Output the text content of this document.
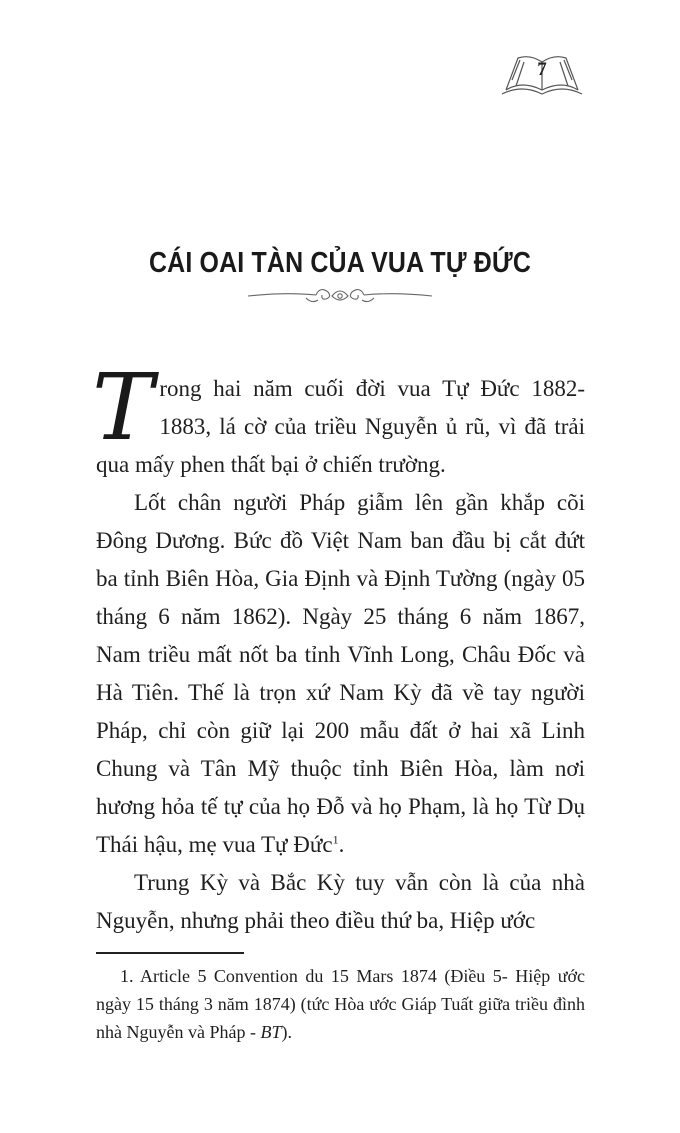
7
CÁI OAI TÀN CỦA VUA TỰ ĐỨC

Trong hai năm cuối đời vua Tự Đức 1882-1883, lá cờ của triều Nguyễn ủ rũ, vì đã trải qua mấy phen thất bại ở chiến trường.

Lốt chân người Pháp giẫm lên gần khắp cõi Đông Dương. Bức đồ Việt Nam ban đầu bị cắt đứt ba tỉnh Biên Hòa, Gia Định và Định Tường (ngày 05 tháng 6 năm 1862). Ngày 25 tháng 6 năm 1867, Nam triều mất nốt ba tỉnh Vĩnh Long, Châu Đốc và Hà Tiên. Thế là trọn xứ Nam Kỳ đã về tay người Pháp, chỉ còn giữ lại 200 mẫu đất ở hai xã Linh Chung và Tân Mỹ thuộc tỉnh Biên Hòa, làm nơi hương hỏa tế tự của họ Đỗ và họ Phạm, là họ Từ Dụ Thái hậu, mẹ vua Tự Đức$^1$.

Trung Kỳ và Bắc Kỳ tuy vẫn còn là của nhà Nguyễn, nhưng phải theo điều thứ ba, Hiệp ước

1. Article 5 Convention du 15 Mars 1874 (Điều 5- Hiệp ước ngày 15 tháng 3 năm 1874) (tức Hòa ước Giáp Tuất giữa triều đình nhà Nguyễn và Pháp - BT).
